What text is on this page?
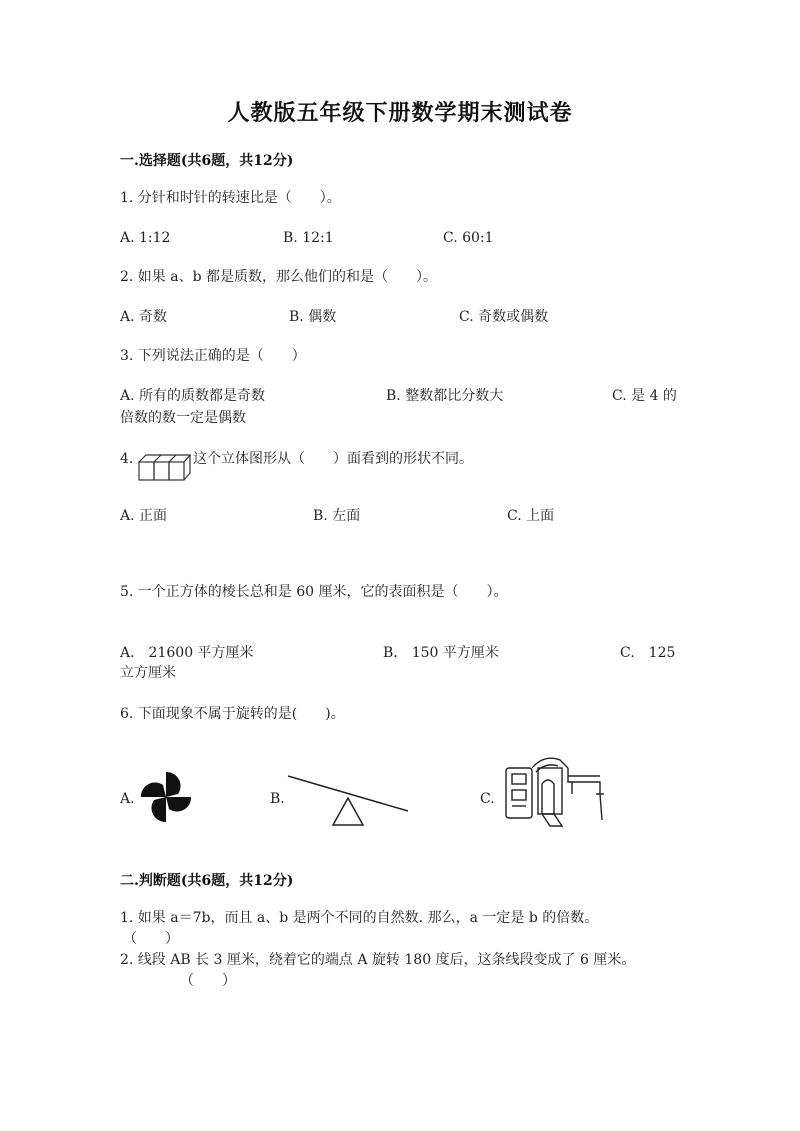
人教版五年级下册数学期末测试卷
一.选择题(共6题，共12分)
1. 分针和时针的转速比是（　　）。
A. 1:12	B. 12:1	C. 60:1
2. 如果 a、b 都是质数，那么他们的和是（　　）。
A. 奇数	B. 偶数	C. 奇数或偶数
3. 下列说法正确的是（　　）
A. 所有的质数都是奇数	B. 整数都比分数大	C. 是 4 的
倍数的数一定是偶数
4.	这个立体图形从（　　）面看到的形状不同。
A. 正面	B. 左面	C. 上面
5. 一个正方体的棱长总和是 60 厘米，它的表面积是（　　）。
A.　21600 平方厘米	B.　150 平方厘米	C.　125
立方厘米
6. 下面现象不属于旋转的是(　　)。
A.	B.	C.
二.判断题(共6题，共12分)
1. 如果 a＝7b，而且 a、b 是两个不同的自然数. 那么，a 一定是 b 的倍数。
（　　）
2. 线段 AB 长 3 厘米，绕着它的端点 A 旋转 180 度后，这条线段变成了 6 厘米。
（　　）
